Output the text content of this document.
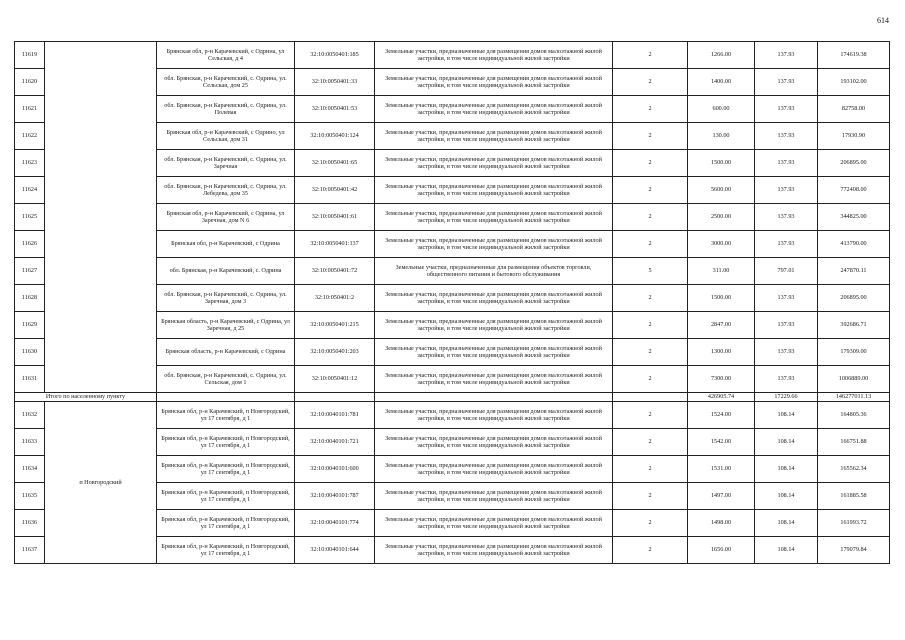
614
11619		Брянская обл, р-н Карачевский, с Одрина, ул Сельская, д 4	32:10:0050401:185	Земельные участки, предназначенные для размещения домов малоэтажной жилой застройки, в том числе индивидуальной жилой застройки	2	1266.00	137.93	174619.38
11620		обл. Брянская, р-н Карачевский, с. Одрина, ул. Сельская, дом 25	32:10:0050401:33	Земельные участки, предназначенные для размещения домов малоэтажной жилой застройки, в том числе индивидуальной жилой застройки	2	1400.00	137.93	193102.00
11621		обл. Брянская, р-н Карачевский, с. Одрина, ул. Полевая	32:10:0050401:53	Земельные участки, предназначенные для размещения домов малоэтажной жилой застройки, в том числе индивидуальной жилой застройки	2	600.00	137.93	82758.00
11622		Брянская обл, р-н Карачевский, с Одрино, ул Сельская, дом 31	32:10:0050401:124	Земельные участки, предназначенные для размещения домов малоэтажной жилой застройки, в том числе индивидуальной жилой застройки	2	130.00	137.93	17930.90
11623		обл. Брянская, р-н Карачевский, с. Одрина, ул. Заречная	32:10:0050401:65	Земельные участки, предназначенные для размещения домов малоэтажной жилой застройки, в том числе индивидуальной жилой застройки	2	1500.00	137.93	206895.00
11624		обл. Брянская, р-н Карачевский, с. Одрина, ул. Лебедева, дом 35	32:10:0050401:42	Земельные участки, предназначенные для размещения домов малоэтажной жилой застройки, в том числе индивидуальной жилой застройки	2	5600.00	137.93	772408.00
11625		Брянская обл, р-н Карачевский, с Одрина, ул Заречная, дом N 6	32:10:0050401:61	Земельные участки, предназначенные для размещения домов малоэтажной жилой застройки, в том числе индивидуальной жилой застройки	2	2500.00	137.93	344825.00
11626		Брянская обл, р-н Карачевский, с Одрина	32:10:0050401:137	Земельные участки, предназначенные для размещения домов малоэтажной жилой застройки, в том числе индивидуальной жилой застройки	2	3000.00	137.93	413790.00
11627		обл. Брянская, р-н Карачевский, с. Одрина	32:10:0050401:72	Земельные участки, предназначенные для размещения объектов торговли, общественного питания и бытового обслуживания	5	311.00	797.01	247870.11
11628		обл. Брянская, р-н Карачевский, с. Одрина, ул. Заречная, дом 3	32:10:050401:2	Земельные участки, предназначенные для размещения домов малоэтажной жилой застройки, в том числе индивидуальной жилой застройки	2	1500.00	137.93	206895.00
11629		Брянская область, р-н Карачевский, с Одрина, ул Заречная, д 25	32:10:0050401:215	Земельные участки, предназначенные для размещения домов малоэтажной жилой застройки, в том числе индивидуальной жилой застройки	2	2847.00	137.93	392686.71
11630		Брянская область, р-н Карачевский, с Одрина	32:10:0050401:203	Земельные участки, предназначенные для размещения домов малоэтажной жилой застройки, в том числе индивидуальной жилой застройки	2	1300.00	137.93	179309.00
11631		обл. Брянская, р-н Карачевский, с. Одрина, ул. Сельская, дом 1	32:10:0050401:12	Земельные участки, предназначенные для размещения домов малоэтажной жилой застройки, в том числе индивидуальной жилой застройки	2	7300.00	137.93	1006889.00
Итого по населенному пункту						426905.74	17229.66	146277011.13
11632	п Новгородский	Брянская обл, р-н Карачевский, п Новгородский, ул 17 сентября, д 1	32:10:0040101:781	Земельные участки, предназначенные для размещения домов малоэтажной жилой застройки, в том числе индивидуальной жилой застройки	2	1524.00	108.14	164805.36
11633		Брянская обл, р-н Карачевский, п Новгородский, ул 17 сентября, д 1	32:10:0040101:721	Земельные участки, предназначенные для размещения домов малоэтажной жилой застройки, в том числе индивидуальной жилой застройки	2	1542.00	108.14	166751.88
11634		Брянская обл, р-н Карачевский, п Новгородский, ул 17 сентября, д 1	32:10:0040101:600	Земельные участки, предназначенные для размещения домов малоэтажной жилой застройки, в том числе индивидуальной жилой застройки	2	1531.00	108.14	165562.34
11635		Брянская обл, р-н Карачевский, п Новгородский, ул 17 сентября, д 1	32:10:0040101:787	Земельные участки, предназначенные для размещения домов малоэтажной жилой застройки, в том числе индивидуальной жилой застройки	2	1497.00	108.14	161885.58
11636		Брянская обл, р-н Карачевский, п Новгородский, ул 17 сентября, д 1	32:10:0040101:774	Земельные участки, предназначенные для размещения домов малоэтажной жилой застройки, в том числе индивидуальной жилой застройки	2	1498.00	108.14	161993.72
11637		Брянская обл, р-н Карачевский, п Новгородский, ул 17 сентября, д 1	32:10:0040101:644	Земельные участки, предназначенные для размещения домов малоэтажной жилой застройки, в том числе индивидуальной жилой застройки	2	1656.00	108.14	179079.84
